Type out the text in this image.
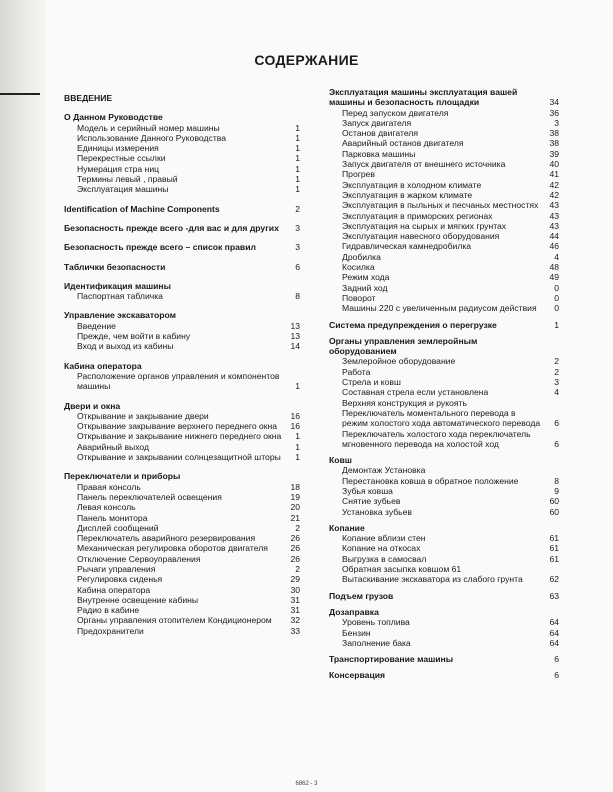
СОДЕРЖАНИЕ
ВВЕДЕНИЕ
О Данном Руководстве
Модель и серийный номер машины	1
Использование Данного Руководства	1
Единицы измерения	1
Перекрестные ссылки	1
Нумерация стра ниц	1
Термины левый , правый	1
Эксплуатация машины	1
Identification of Machine Components	2
Безопасность прежде всего -для вас и для других	3
Безопасность прежде всего – список правил	3
Таблички безопасности	6
Идентификация машины
Паспортная табличка	8
Управление экскаватором
Введение	13
Прежде, чем войти в кабину	13
Вход и выход из кабины	14
Кабина оператора
Расположение органов управления и компонентов машины	1
Двери и окна
Открывание и закрывание двери	16
Открывание закрывание верхнего переднего окна	16
Открывание и закрывание нижнего переднего окна	1
Аварийный выход	1
Открывание и закрывании солнцезащитной шторы	1
Переключатели и приборы
Правая консоль	18
Панель переключателей освещения	19
Левая консоль	20
Панель монитора	21
Дисплей сообщений	2
Переключатель аварийного резервирования	26
Механическая регулировка оборотов двигателя	26
Отключение Сервоуправления	26
Рычаги управления	2
Регулировка сиденья	29
Кабина оператора	30
Внутренне освещение кабины	31
Радио в кабине	31
Органы управления отопителем Кондиционером	32
Предохранители	33
Эксплуатация машины эксплуатация вашей машины и безопасность площадки	34
Перед запуском двигателя	36
Запуск двигателя	3
Останов двигателя	38
Аварийный останов двигателя	38
Парковка машины	39
Запуск двигателя от внешнего источника	40
Прогрев	41
Эксплуатация в холодном климате	42
Эксплуатация в жарком климате	42
Эксплуатация в пыльных и песчаных местностях	43
Эксплуатация в приморских регионах	43
Эксплуатация на сырых и мягких грунтах	43
Эксплуатация навесного оборудования	44
Гидравлическая камнедробилка	46
Дробилка	4
Косилка	48
Режим хода	49
Задний ход	0
Поворот	0
Машины 220 с увеличенным радиусом действия	0
Система предупреждения о перегрузке	1
Органы управления землеройным оборудованием
Землеройное оборудование	2
Работа	2
Стрела и ковш	3
Составная стрела если установлена	4
Верхняя конструкция и рукоять
Переключатель моментального перевода в режим холостого хода автоматического перевода	6
Переключатель холостого хода переключатель мгновенного перевода на холостой ход	6
Ковш
Демонтаж Установка
Перестановка ковша в обратное положение	8
Зубья ковша	9
Снятие зубьев	60
Установка зубьев	60
Копание
Копание вблизи стен	61
Копание на откосах	61
Выгрузка в самосвал	61
Обратная засыпка ковшом 61
Вытаскивание экскаватора из слабого грунта	62
Подъем грузов	63
Дозаправка
Уровень топлива	64
Бензин	64
Заполнение бака	64
Транспортирование машины	6
Консервация	6
6862 - 3
